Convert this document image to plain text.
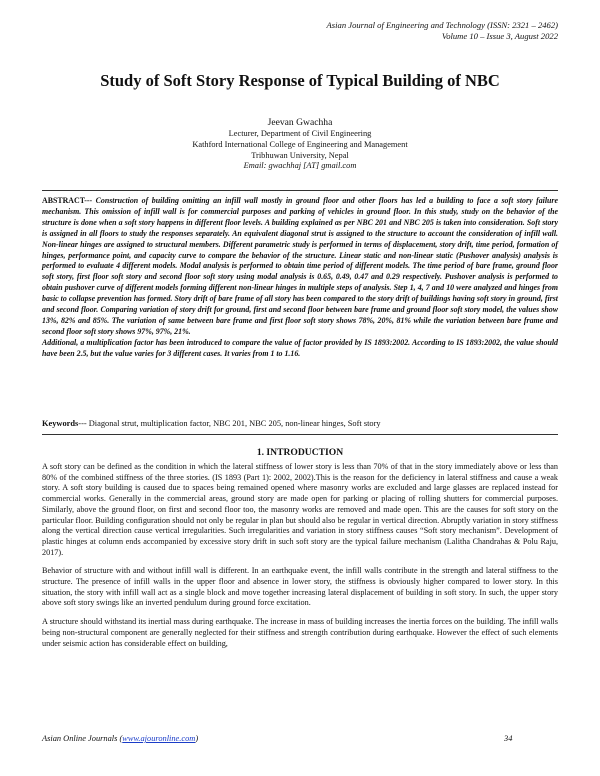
Asian Journal of Engineering and Technology (ISSN: 2321 – 2462)
Volume 10 – Issue 3, August 2022
Study of Soft Story Response of Typical Building of NBC
Jeevan Gwachha
Lecturer, Department of Civil Engineering
Kathford International College of Engineering and Management
Tribhuwan University, Nepal
Email: gwachhaj [AT] gmail.com

ABSTRACT--- Construction of building omitting an infill wall mostly in ground floor and other floors has led a building to face a soft story failure mechanism. This omission of infill wall is for commercial purposes and parking of vehicles in ground floor. In this study, study on the behavior of the structure is done when a soft story happens in different floor levels. A building explained as per NBC 201 and NBC 205 is taken into consideration. Soft story is assigned in all floors to study the responses separately. An equivalent diagonal strut is assigned to the structure to account the consideration of infill wall. Non-linear hinges are assigned to structural members. Different parametric study is performed in terms of displacement, story drift, time period, formation of hinges, performance point, and capacity curve to compare the behavior of the structure. Linear static and non-linear static (Pushover analysis) analysis is performed to evaluate 4 different models. Modal analysis is performed to obtain time period of different models. The time period of bare frame, ground floor soft story, first floor soft story and second floor soft story using modal analysis is 0.65, 0.49, 0.47 and 0.29 respectively. Pushover analysis is performed to obtain pushover curve of different models forming different non-linear hinges in multiple steps of analysis. Step 1, 4, 7 and 10 were analyzed and hinges from basic to collapse prevention has formed. Story drift of bare frame of all story has been compared to the story drift of buildings having soft story in ground, first and second floor. Comparing variation of story drift for ground, first and second floor between bare frame and ground floor soft story model, the values show 13%, 82% and 85%. The variation of same between bare frame and first floor soft story shows 78%, 20%, 81% while the variation between bare frame and second floor soft story shows 97%, 97%, 21%.

Additional, a multiplication factor has been introduced to compare the value of factor provided by IS 1893:2002. According to IS 1893:2002, the value should have been 2.5, but the value varies for 3 different cases. It varies from 1 to 1.16.

Keywords--- Diagonal strut, multiplication factor, NBC 201, NBC 205, non-linear hinges, Soft story
1. INTRODUCTION

A soft story can be defined as the condition in which the lateral stiffness of lower story is less than 70% of that in the story immediately above or less than 80% of the combined stiffness of the three stories. (IS 1893 (Part 1): 2002, 2002).This is the reason for the deficiency in lateral stiffness and cause a weak story. A soft story building is caused due to spaces being remained opened where masonry works are excluded and large glasses are replaced instead for commercial works. Generally in the commercial areas, ground story are made open for parking or placing of rolling shutters for commercial purposes. Similarly, above the ground floor, on first and second floor too, the masonry works are removed and made open. This are the causes for soft story on the particular floor. Building configuration should not only be regular in plan but should also be regular in vertical direction. Abruptly variation in story stiffness along the vertical direction cause vertical irregularities. Such irregularities and variation in story stiffness causes “Soft story mechanism”. Development of plastic hinges at column ends accompanied by excessive story drift in such soft story are the typical failure mechanism (Lalitha Chandrahas & Polu Raju, 2017).

Behavior of structure with and without infill wall is different. In an earthquake event, the infill walls contribute in the strength and lateral stiffness to the structure. The presence of infill walls in the upper floor and absence in lower story, the stiffness is obviously higher compared to lower story. In this situation, the story with infill wall act as a single block and move together increasing lateral displacement of building in soft story. In such, the upper story above soft story swings like an inverted pendulum during ground force excitation.

A structure should withstand its inertial mass during earthquake. The increase in mass of building increases the inertia forces on the building. The infill walls being non-structural component are generally neglected for their stiffness and strength contribution during earthquake. However the effect of such elements under seismic action has considerable effect on building,

Asian Online Journals (www.ajouronline.com)	34
